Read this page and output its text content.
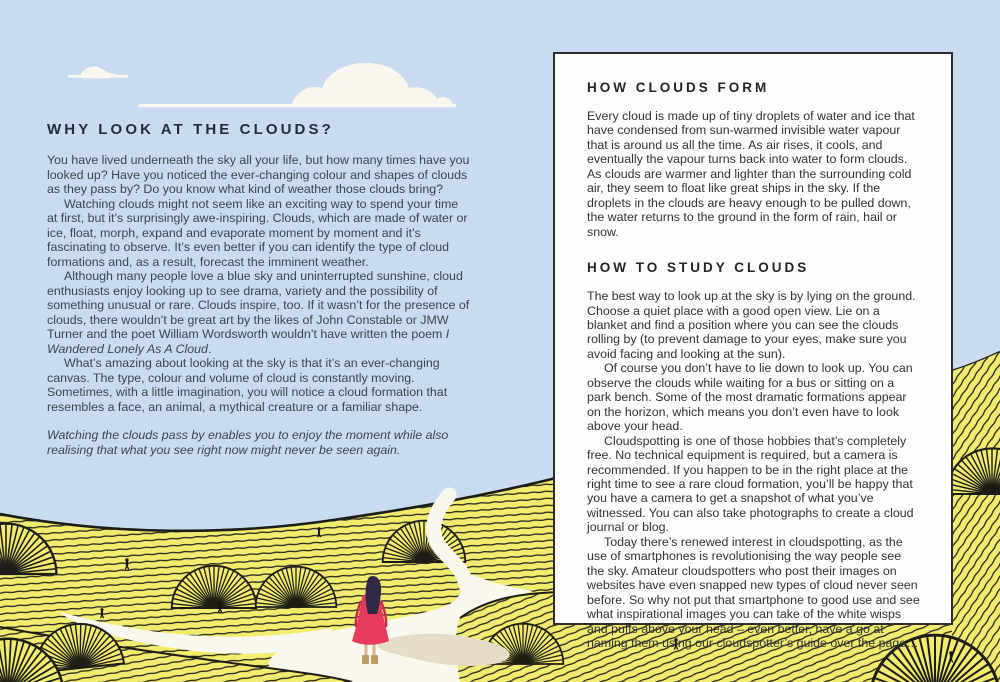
WHY LOOK AT THE CLOUDS?

You have lived underneath the sky all your life, but how many times have you looked up? Have you noticed the ever-changing colour and shapes of clouds as they pass by? Do you know what kind of weather those clouds bring?

Watching clouds might not seem like an exciting way to spend your time at first, but it’s surprisingly awe-inspiring. Clouds, which are made of water or ice, float, morph, expand and evaporate moment by moment and it’s fascinating to observe. It’s even better if you can identify the type of cloud formations and, as a result, forecast the imminent weather.

Although many people love a blue sky and uninterrupted sunshine, cloud enthusiasts enjoy looking up to see drama, variety and the possibility of something unusual or rare. Clouds inspire, too. If it wasn’t for the presence of clouds, there wouldn’t be great art by the likes of John Constable or JMW Turner and the poet William Wordsworth wouldn’t have written the poem I Wandered Lonely As A Cloud.

What’s amazing about looking at the sky is that it’s an ever-changing canvas. The type, colour and volume of cloud is constantly moving. Sometimes, with a little imagination, you will notice a cloud formation that resembles a face, an animal, a mythical creature or a familiar shape.

Watching the clouds pass by enables you to enjoy the moment while also realising that what you see right now might never be seen again.

HOW CLOUDS FORM

Every cloud is made up of tiny droplets of water and ice that have condensed from sun-warmed invisible water vapour that is around us all the time. As air rises, it cools, and eventually the vapour turns back into water to form clouds. As clouds are warmer and lighter than the surrounding cold air, they seem to float like great ships in the sky. If the droplets in the clouds are heavy enough to be pulled down, the water returns to the ground in the form of rain, hail or snow.

HOW TO STUDY CLOUDS

The best way to look up at the sky is by lying on the ground. Choose a quiet place with a good open view. Lie on a blanket and find a position where you can see the clouds rolling by (to prevent damage to your eyes, make sure you avoid facing and looking at the sun).

Of course you don’t have to lie down to look up. You can observe the clouds while waiting for a bus or sitting on a park bench. Some of the most dramatic formations appear on the horizon, which means you don’t even have to look above your head.

Cloudspotting is one of those hobbies that’s completely free. No technical equipment is required, but a camera is recommended. If you happen to be in the right place at the right time to see a rare cloud formation, you’ll be happy that you have a camera to get a snapshot of what you’ve witnessed. You can also take photographs to create a cloud journal or blog.

Today there’s renewed interest in cloudspotting, as the use of smartphones is revolutionising the way people see the sky. Amateur cloudspotters who post their images on websites have even snapped new types of cloud never seen before. So why not put that smartphone to good use and see what inspirational images you can take of the white wisps and puffs above your head – even better, have a go at naming them using our cloudspotter’s guide over the page…
